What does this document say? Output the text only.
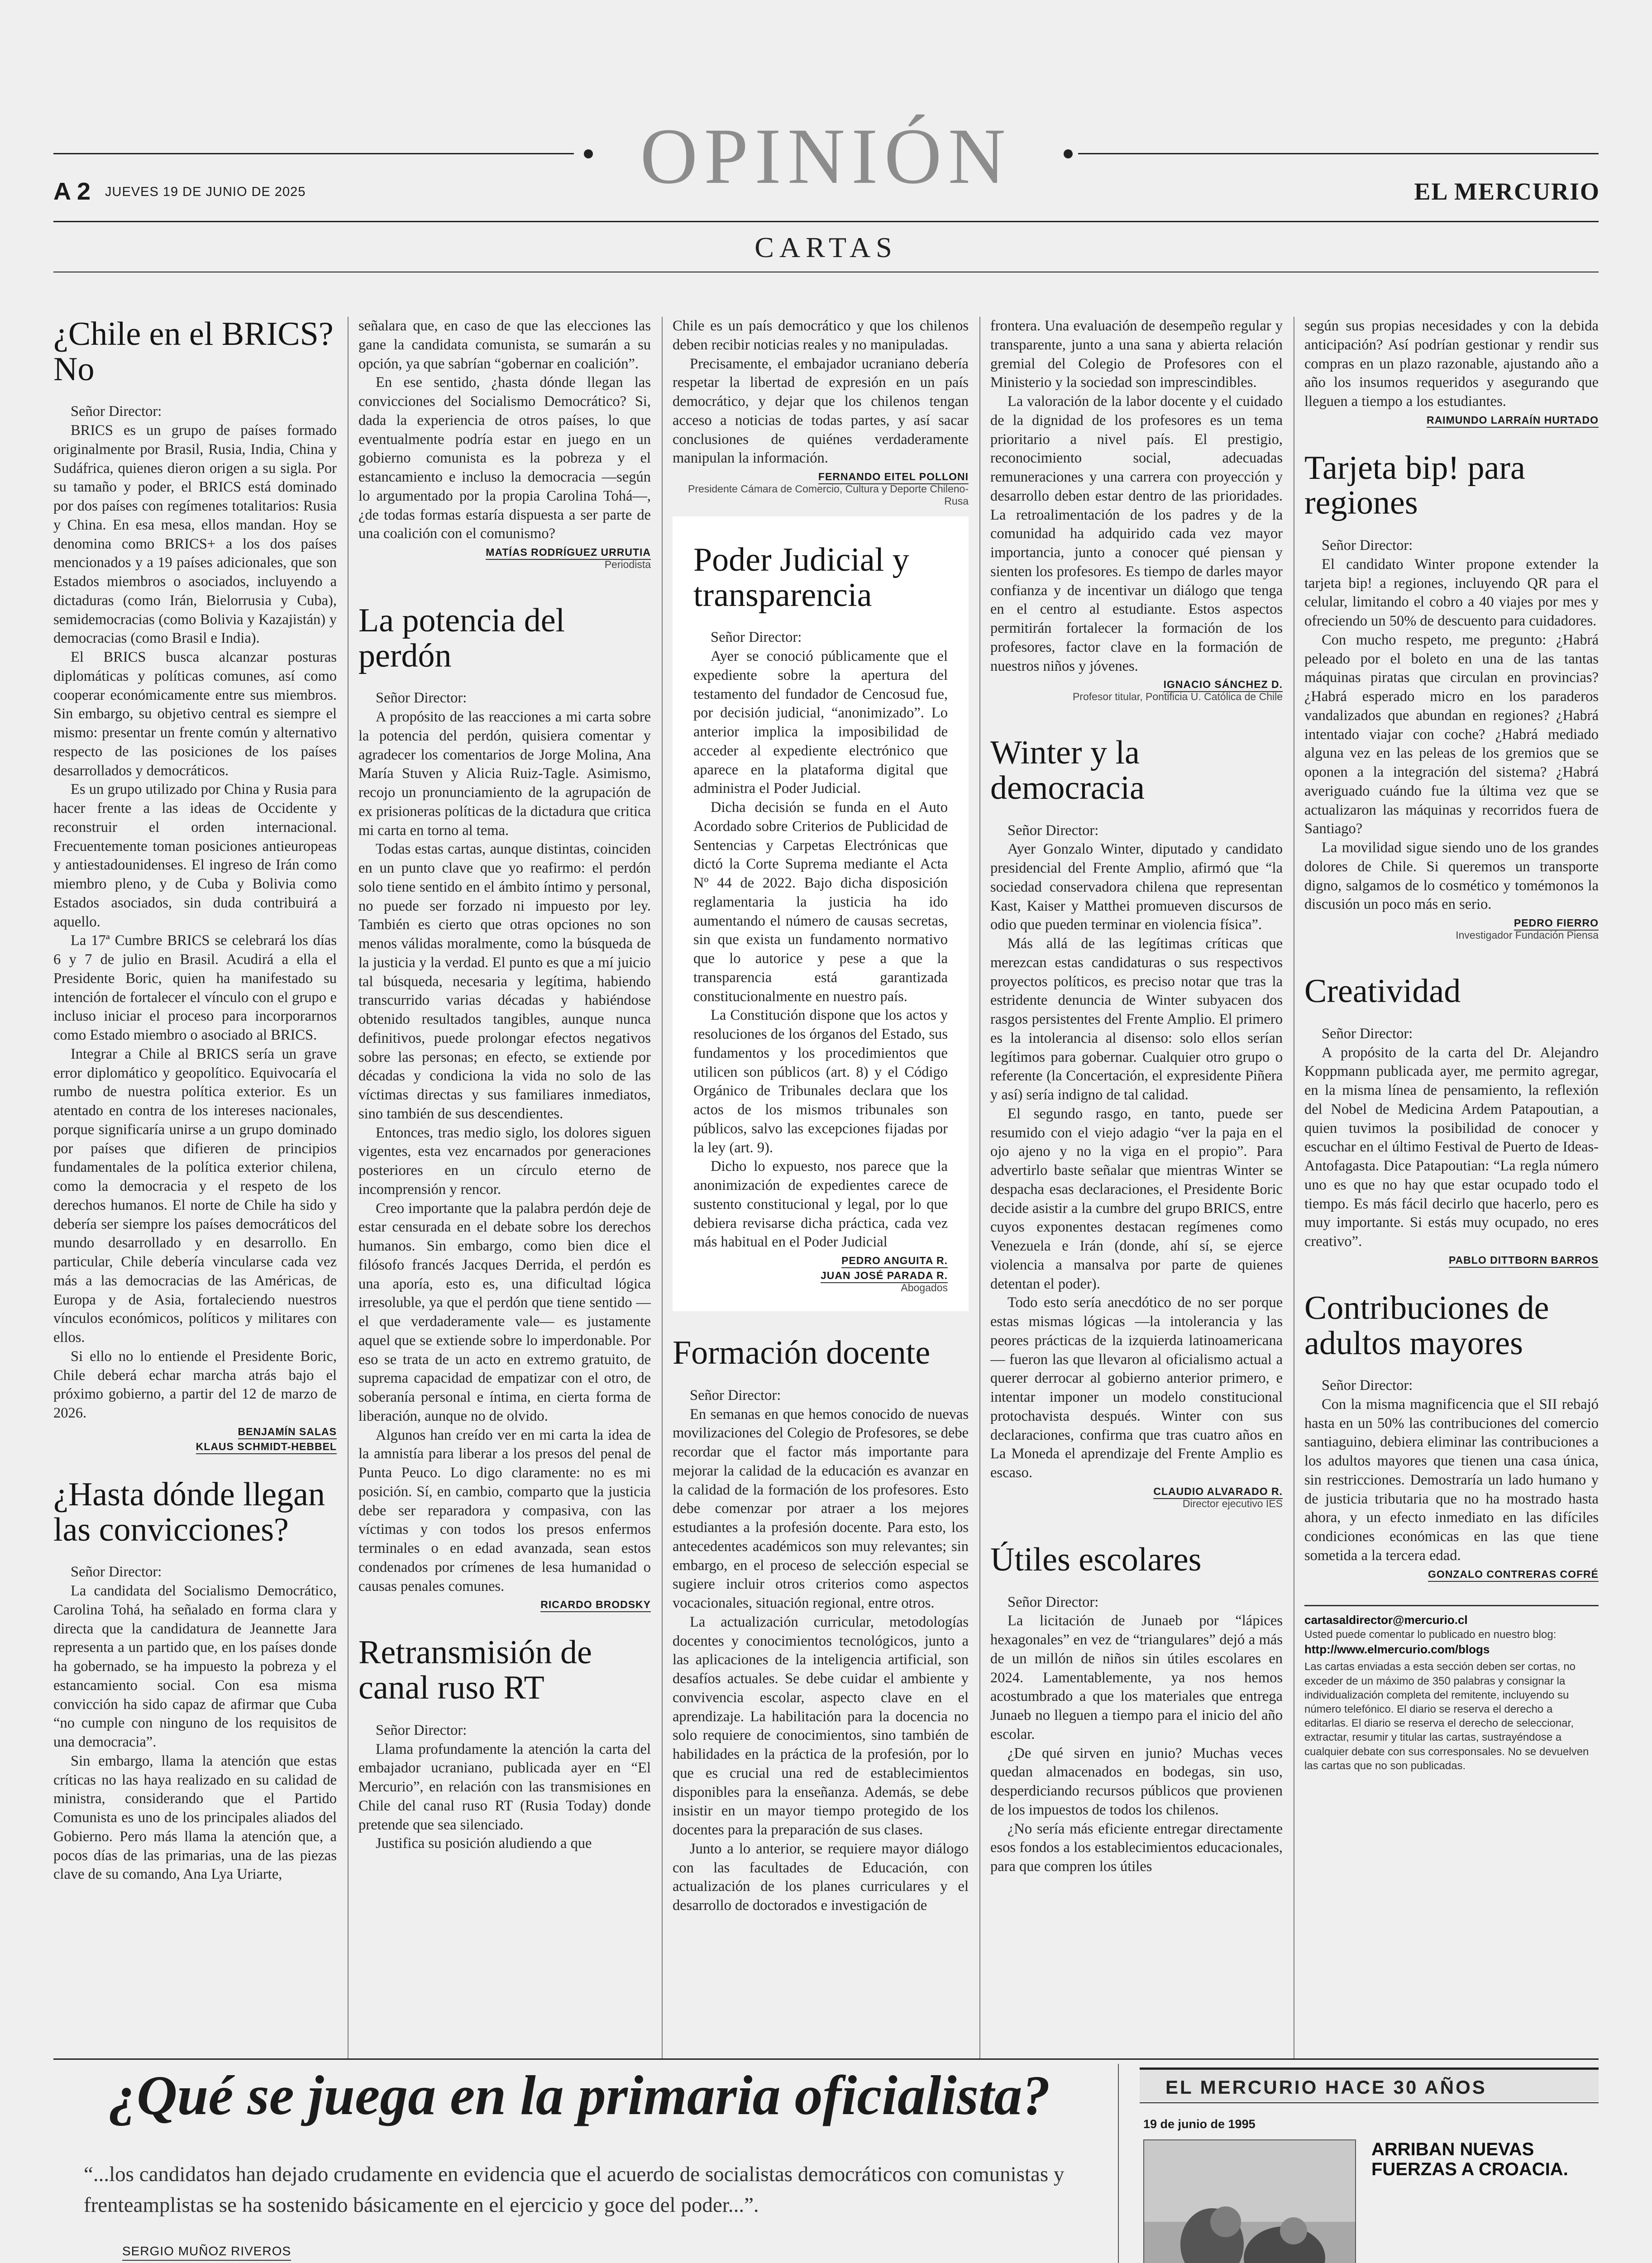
OPINIÓN
A 2 JUEVES 19 DE JUNIO DE 2025	EL MERCURIO
CARTAS
¿Chile en el BRICS? No

Señor Director:

BRICS es un grupo de países formado originalmente por Brasil, Rusia, India, China y Sudáfrica, quienes dieron origen a su sigla. Por su tamaño y poder, el BRICS está dominado por dos países con regímenes totalitarios: Rusia y China. En esa mesa, ellos mandan. Hoy se denomina como BRICS+ a los dos países mencionados y a 19 países adicionales, que son Estados miembros o asociados, incluyendo a dictaduras (como Irán, Bielorrusia y Cuba), semidemocracias (como Bolivia y Kazajistán) y democracias (como Brasil e India).

El BRICS busca alcanzar posturas diplomáticas y políticas comunes, así como cooperar económicamente entre sus miembros. Sin embargo, su objetivo central es siempre el mismo: presentar un frente común y alternativo respecto de las posiciones de los países desarrollados y democráticos.

Es un grupo utilizado por China y Rusia para hacer frente a las ideas de Occidente y reconstruir el orden internacional. Frecuentemente toman posiciones antieuropeas y antiestadounidenses. El ingreso de Irán como miembro pleno, y de Cuba y Bolivia como Estados asociados, sin duda contribuirá a aquello.

La 17ª Cumbre BRICS se celebrará los días 6 y 7 de julio en Brasil. Acudirá a ella el Presidente Boric, quien ha manifestado su intención de fortalecer el vínculo con el grupo e incluso iniciar el proceso para incorporarnos como Estado miembro o asociado al BRICS.

Integrar a Chile al BRICS sería un grave error diplomático y geopolítico. Equivocaría el rumbo de nuestra política exterior. Es un atentado en contra de los intereses nacionales, porque significaría unirse a un grupo dominado por países que difieren de principios fundamentales de la política exterior chilena, como la democracia y el respeto de los derechos humanos. El norte de Chile ha sido y debería ser siempre los países democráticos del mundo desarrollado y en desarrollo. En particular, Chile debería vincularse cada vez más a las democracias de las Américas, de Europa y de Asia, fortaleciendo nuestros vínculos económicos, políticos y militares con ellos.

Si ello no lo entiende el Presidente Boric, Chile deberá echar marcha atrás bajo el próximo gobierno, a partir del 12 de marzo de 2026.

BENJAMÍN SALAS
KLAUS SCHMIDT-HEBBEL
¿Hasta dónde llegan las convicciones?

Señor Director:

La candidata del Socialismo Democrático, Carolina Tohá, ha señalado en forma clara y directa que la candidatura de Jeannette Jara representa a un partido que, en los países donde ha gobernado, se ha impuesto la pobreza y el estancamiento social. Con esa misma convicción ha sido capaz de afirmar que Cuba “no cumple con ninguno de los requisitos de una democracia”.

Sin embargo, llama la atención que estas críticas no las haya realizado en su calidad de ministra, considerando que el Partido Comunista es uno de los principales aliados del Gobierno. Pero más llama la atención que, a pocos días de las primarias, una de las piezas clave de su comando, Ana Lya Uriarte,

señalara que, en caso de que las elecciones las gane la candidata comunista, se sumarán a su opción, ya que sabrían “gobernar en coalición”.

En ese sentido, ¿hasta dónde llegan las convicciones del Socialismo Democrático? Si, dada la experiencia de otros países, lo que eventualmente podría estar en juego en un gobierno comunista es la pobreza y el estancamiento e incluso la democracia —según lo argumentado por la propia Carolina Tohá—, ¿de todas formas estaría dispuesta a ser parte de una coalición con el comunismo?

MATÍAS RODRÍGUEZ URRUTIA
Periodista
La potencia del perdón

Señor Director:

A propósito de las reacciones a mi carta sobre la potencia del perdón, quisiera comentar y agradecer los comentarios de Jorge Molina, Ana María Stuven y Alicia Ruiz-Tagle. Asimismo, recojo un pronunciamiento de la agrupación de ex prisioneras políticas de la dictadura que critica mi carta en torno al tema.

Todas estas cartas, aunque distintas, coinciden en un punto clave que yo reafirmo: el perdón solo tiene sentido en el ámbito íntimo y personal, no puede ser forzado ni impuesto por ley. También es cierto que otras opciones no son menos válidas moralmente, como la búsqueda de la justicia y la verdad. El punto es que a mí juicio tal búsqueda, necesaria y legítima, habiendo transcurrido varias décadas y habiéndose obtenido resultados tangibles, aunque nunca definitivos, puede prolongar efectos negativos sobre las personas; en efecto, se extiende por décadas y condiciona la vida no solo de las víctimas directas y sus familiares inmediatos, sino también de sus descendientes.

Entonces, tras medio siglo, los dolores siguen vigentes, esta vez encarnados por generaciones posteriores en un círculo eterno de incomprensión y rencor.

Creo importante que la palabra perdón deje de estar censurada en el debate sobre los derechos humanos. Sin embargo, como bien dice el filósofo francés Jacques Derrida, el perdón es una aporía, esto es, una dificultad lógica irresoluble, ya que el perdón que tiene sentido —el que verdaderamente vale— es justamente aquel que se extiende sobre lo imperdonable. Por eso se trata de un acto en extremo gratuito, de suprema capacidad de empatizar con el otro, de soberanía personal e íntima, en cierta forma de liberación, aunque no de olvido.

Algunos han creído ver en mi carta la idea de la amnistía para liberar a los presos del penal de Punta Peuco. Lo digo claramente: no es mi posición. Sí, en cambio, comparto que la justicia debe ser reparadora y compasiva, con las víctimas y con todos los presos enfermos terminales o en edad avanzada, sean estos condenados por crímenes de lesa humanidad o causas penales comunes.

RICARDO BRODSKY
Retransmisión de canal ruso RT

Señor Director:

Llama profundamente la atención la carta del embajador ucraniano, publicada ayer en “El Mercurio”, en relación con las transmisiones en Chile del canal ruso RT (Rusia Today) donde pretende que sea silenciado.

Justifica su posición aludiendo a que

Chile es un país democrático y que los chilenos deben recibir noticias reales y no manipuladas.

Precisamente, el embajador ucraniano debería respetar la libertad de expresión en un país democrático, y dejar que los chilenos tengan acceso a noticias de todas partes, y así sacar conclusiones de quiénes verdaderamente manipulan la información.

FERNANDO EITEL POLLONI
Presidente Cámara de Comercio, Cultura y Deporte Chileno-Rusa
Poder Judicial y transparencia

Señor Director:

Ayer se conoció públicamente que el expediente sobre la apertura del testamento del fundador de Cencosud fue, por decisión judicial, “anonimizado”. Lo anterior implica la imposibilidad de acceder al expediente electrónico que aparece en la plataforma digital que administra el Poder Judicial.

Dicha decisión se funda en el Auto Acordado sobre Criterios de Publicidad de Sentencias y Carpetas Electrónicas que dictó la Corte Suprema mediante el Acta Nº 44 de 2022. Bajo dicha disposición reglamentaria la justicia ha ido aumentando el número de causas secretas, sin que exista un fundamento normativo que lo autorice y pese a que la transparencia está garantizada constitucionalmente en nuestro país.

La Constitución dispone que los actos y resoluciones de los órganos del Estado, sus fundamentos y los procedimientos que utilicen son públicos (art. 8) y el Código Orgánico de Tribunales declara que los actos de los mismos tribunales son públicos, salvo las excepciones fijadas por la ley (art. 9).

Dicho lo expuesto, nos parece que la anonimización de expedientes carece de sustento constitucional y legal, por lo que debiera revisarse dicha práctica, cada vez más habitual en el Poder Judicial

PEDRO ANGUITA R.
JUAN JOSÉ PARADA R.
Abogados
Formación docente

Señor Director:

En semanas en que hemos conocido de nuevas movilizaciones del Colegio de Profesores, se debe recordar que el factor más importante para mejorar la calidad de la educación es avanzar en la calidad de la formación de los profesores. Esto debe comenzar por atraer a los mejores estudiantes a la profesión docente. Para esto, los antecedentes académicos son muy relevantes; sin embargo, en el proceso de selección especial se sugiere incluir otros criterios como aspectos vocacionales, situación regional, entre otros.

La actualización curricular, metodologías docentes y conocimientos tecnológicos, junto a las aplicaciones de la inteligencia artificial, son desafíos actuales. Se debe cuidar el ambiente y convivencia escolar, aspecto clave en el aprendizaje. La habilitación para la docencia no solo requiere de conocimientos, sino también de habilidades en la práctica de la profesión, por lo que es crucial una red de establecimientos disponibles para la enseñanza. Además, se debe insistir en un mayor tiempo protegido de los docentes para la preparación de sus clases.

Junto a lo anterior, se requiere mayor diálogo con las facultades de Educación, con actualización de los planes curriculares y el desarrollo de doctorados e investigación de

frontera. Una evaluación de desempeño regular y transparente, junto a una sana y abierta relación gremial del Colegio de Profesores con el Ministerio y la sociedad son imprescindibles.

La valoración de la labor docente y el cuidado de la dignidad de los profesores es un tema prioritario a nivel país. El prestigio, reconocimiento social, adecuadas remuneraciones y una carrera con proyección y desarrollo deben estar dentro de las prioridades. La retroalimentación de los padres y de la comunidad ha adquirido cada vez mayor importancia, junto a conocer qué piensan y sienten los profesores. Es tiempo de darles mayor confianza y de incentivar un diálogo que tenga en el centro al estudiante. Estos aspectos permitirán fortalecer la formación de los profesores, factor clave en la formación de nuestros niños y jóvenes.

IGNACIO SÁNCHEZ D.
Profesor titular, Pontificia U. Católica de Chile
Winter y la democracia

Señor Director:

Ayer Gonzalo Winter, diputado y candidato presidencial del Frente Amplio, afirmó que “la sociedad conservadora chilena que representan Kast, Kaiser y Matthei promueven discursos de odio que pueden terminar en violencia física”.

Más allá de las legítimas críticas que merezcan estas candidaturas o sus respectivos proyectos políticos, es preciso notar que tras la estridente denuncia de Winter subyacen dos rasgos persistentes del Frente Amplio. El primero es la intolerancia al disenso: solo ellos serían legítimos para gobernar. Cualquier otro grupo o referente (la Concertación, el expresidente Piñera y así) sería indigno de tal calidad.

El segundo rasgo, en tanto, puede ser resumido con el viejo adagio “ver la paja en el ojo ajeno y no la viga en el propio”. Para advertirlo baste señalar que mientras Winter se despacha esas declaraciones, el Presidente Boric decide asistir a la cumbre del grupo BRICS, entre cuyos exponentes destacan regímenes como Venezuela e Irán (donde, ahí sí, se ejerce violencia a mansalva por parte de quienes detentan el poder).

Todo esto sería anecdótico de no ser porque estas mismas lógicas —la intolerancia y las peores prácticas de la izquierda latinoamericana— fueron las que llevaron al oficialismo actual a querer derrocar al gobierno anterior primero, e intentar imponer un modelo constitucional protochavista después. Winter con sus declaraciones, confirma que tras cuatro años en La Moneda el aprendizaje del Frente Amplio es escaso.

CLAUDIO ALVARADO R.
Director ejecutivo IES
Útiles escolares

Señor Director:

La licitación de Junaeb por “lápices hexagonales” en vez de “triangulares” dejó a más de un millón de niños sin útiles escolares en 2024. Lamentablemente, ya nos hemos acostumbrado a que los materiales que entrega Junaeb no lleguen a tiempo para el inicio del año escolar.

¿De qué sirven en junio? Muchas veces quedan almacenados en bodegas, sin uso, desperdiciando recursos públicos que provienen de los impuestos de todos los chilenos.

¿No sería más eficiente entregar directamente esos fondos a los establecimientos educacionales, para que compren los útiles

según sus propias necesidades y con la debida anticipación? Así podrían gestionar y rendir sus compras en un plazo razonable, ajustando año a año los insumos requeridos y asegurando que lleguen a tiempo a los estudiantes.

RAIMUNDO LARRAÍN HURTADO
Tarjeta bip! para regiones

Señor Director:

El candidato Winter propone extender la tarjeta bip! a regiones, incluyendo QR para el celular, limitando el cobro a 40 viajes por mes y ofreciendo un 50% de descuento para cuidadores.

Con mucho respeto, me pregunto: ¿Habrá peleado por el boleto en una de las tantas máquinas piratas que circulan en provincias? ¿Habrá esperado micro en los paraderos vandalizados que abundan en regiones? ¿Habrá intentado viajar con coche? ¿Habrá mediado alguna vez en las peleas de los gremios que se oponen a la integración del sistema? ¿Habrá averiguado cuándo fue la última vez que se actualizaron las máquinas y recorridos fuera de Santiago?

La movilidad sigue siendo uno de los grandes dolores de Chile. Si queremos un transporte digno, salgamos de lo cosmético y tomémonos la discusión un poco más en serio.

PEDRO FIERRO
Investigador Fundación Piensa
Creatividad

Señor Director:

A propósito de la carta del Dr. Alejandro Koppmann publicada ayer, me permito agregar, en la misma línea de pensamiento, la reflexión del Nobel de Medicina Ardem Patapoutian, a quien tuvimos la posibilidad de conocer y escuchar en el último Festival de Puerto de Ideas-Antofagasta. Dice Patapoutian: “La regla número uno es que no hay que estar ocupado todo el tiempo. Es más fácil decirlo que hacerlo, pero es muy importante. Si estás muy ocupado, no eres creativo”.

PABLO DITTBORN BARROS
Contribuciones de adultos mayores

Señor Director:

Con la misma magnificencia que el SII rebajó hasta en un 50% las contribuciones del comercio santiaguino, debiera eliminar las contribuciones a los adultos mayores que tienen una casa única, sin restricciones. Demostraría un lado humano y de justicia tributaria que no ha mostrado hasta ahora, y un efecto inmediato en las difíciles condiciones económicas en las que tiene sometida a la tercera edad.

GONZALO CONTRERAS COFRÉ
cartasaldirector@mercurio.cl
Usted puede comentar lo publicado en nuestro blog:
http://www.elmercurio.com/blogs
Las cartas enviadas a esta sección deben ser cortas, no exceder de un máximo de 350 palabras y consignar la individualización completa del remitente, incluyendo su número telefónico. El diario se reserva el derecho a editarlas. El diario se reserva el derecho de seleccionar, extractar, resumir y titular las cartas, sustrayéndose a cualquier debate con sus corresponsales. No se devuelven las cartas que no son publicadas.
¿Qué se juega en la primaria oficialista?
“...los candidatos han dejado crudamente en evidencia que el acuerdo de socialistas democráticos con comunistas y frenteamplistas se ha sostenido básicamente en el ejercicio y goce del poder...”.
SERGIO MUÑOZ RIVEROS

EL MERCURIO HACE 30 AÑOS
19 de junio de 1995
ARRIBAN NUEVAS FUERZAS A CROACIA.
